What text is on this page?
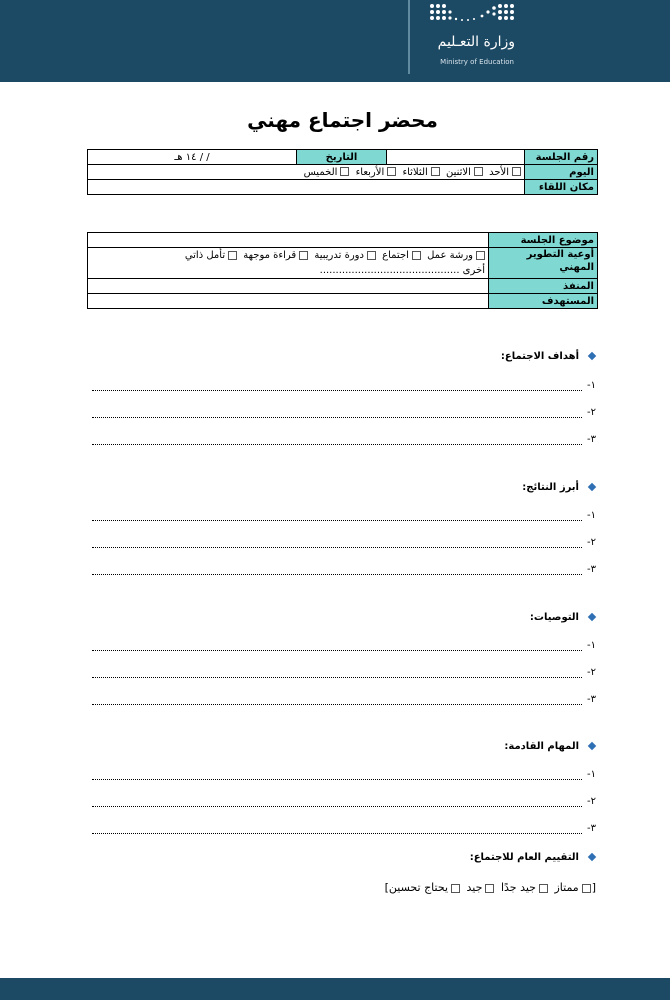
وزارة التعـليم
Ministry of Education
محضر اجتماع مهني
رقم الجلسة		التاريخ	/ / ١٤ هـ
اليوم	الأحد الاثنين الثلاثاء الأربعاء الخميس		
مكان اللقاء			
موضوع الجلسة	
أوعية التطوير المهني	ورشة عمل اجتماع دورة تدريبية قراءة موجهة تأمل ذاتي
أخرى ............................................

المنفذ	
المستهدف	
أهداف الاجتماع:
١-
٢-
٣-
أبرز النتائج:
١-
٢-
٣-
التوصيات:
١-
٢-
٣-
المهام القادمة:
١-
٢-
٣-
التقييم العام للاجتماع:
[ممتاز جيد جدًا جيد يحتاج تحسين]
